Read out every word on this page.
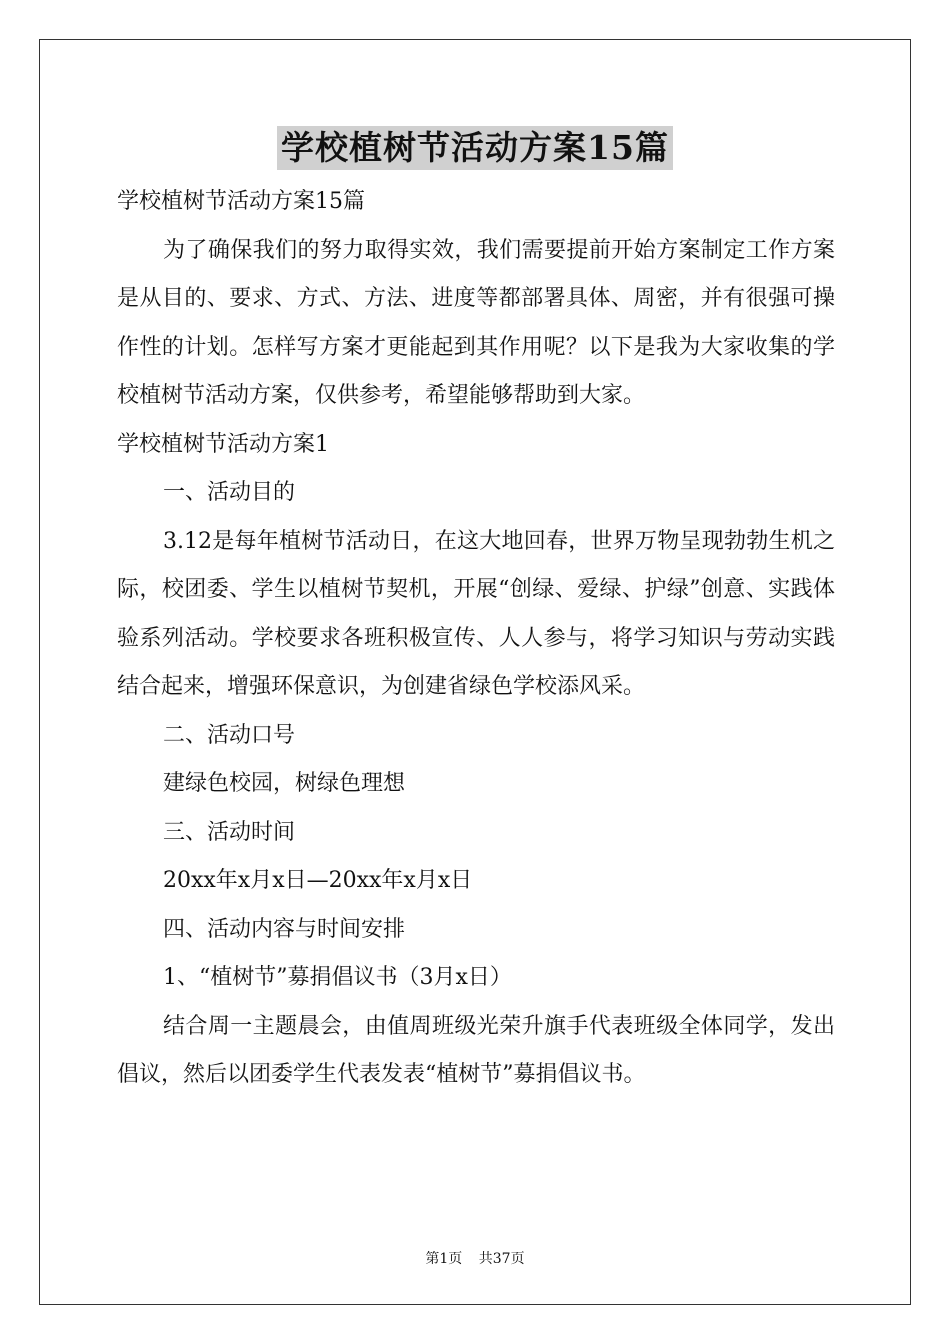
学校植树节活动方案15篇

学校植树节活动方案15篇

为了确保我们的努力取得实效，我们需要提前开始方案制定工作方案是从目的、要求、方式、方法、进度等都部署具体、周密，并有很强可操作性的计划。怎样写方案才更能起到其作用呢？以下是我为大家收集的学校植树节活动方案，仅供参考，希望能够帮助到大家。

学校植树节活动方案1

一、活动目的

3.12是每年植树节活动日，在这大地回春，世界万物呈现勃勃生机之际，校团委、学生以植树节契机，开展“创绿、爱绿、护绿”创意、实践体验系列活动。学校要求各班积极宣传、人人参与，将学习知识与劳动实践结合起来，增强环保意识，为创建省绿色学校添风采。

二、活动口号

建绿色校园，树绿色理想

三、活动时间

20xx年x月x日—20xx年x月x日

四、活动内容与时间安排

1、“植树节”募捐倡议书（3月x日）

结合周一主题晨会，由值周班级光荣升旗手代表班级全体同学，发出倡议，然后以团委学生代表发表“植树节”募捐倡议书。

第1页 共37页
